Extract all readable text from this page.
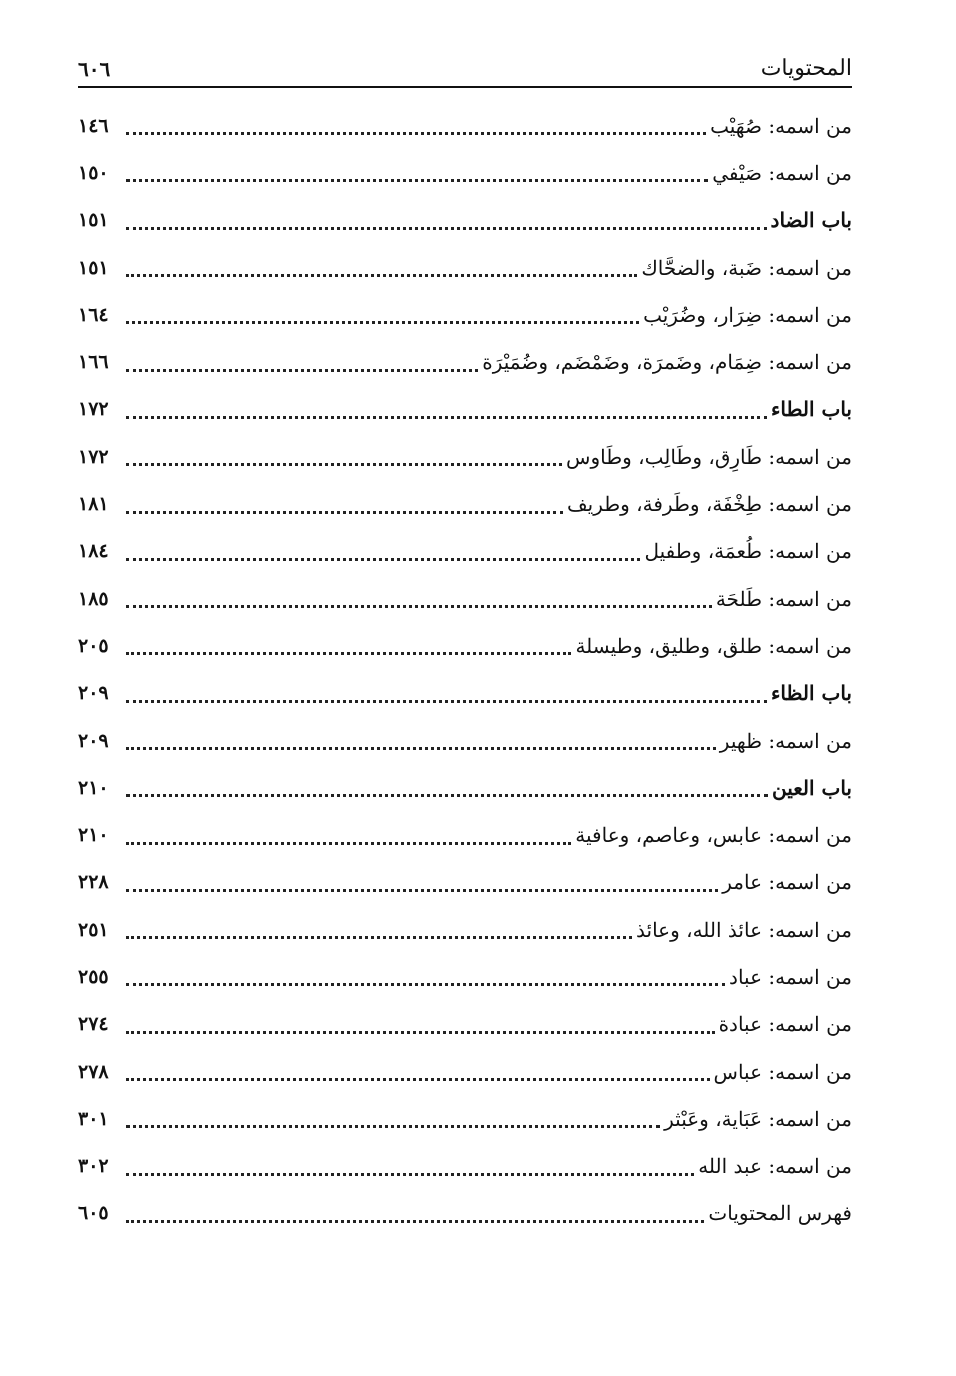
المحتويات
٦٠٦
من اسمه: صُهَيْب
١٤٦
من اسمه: صَيْفي
١٥٠
باب الضاد
١٥١
من اسمه: ضَبة، والضحَّاك
١٥١
من اسمه: ضِرَار، وضُرَيْب
١٦٤
من اسمه: ضِمَام، وضَمرَة، وضَمْضَم، وضُمَيْرَة
١٦٦
باب الطاء
١٧٢
من اسمه: طَارِق، وطَالِب، وطَاوس
١٧٢
من اسمه: طِخْفَة، وطَرفة، وطريف
١٨١
من اسمه: طُعمَة، وطفيل
١٨٤
من اسمه: طَلحَة
١٨٥
من اسمه: طلق، وطليق، وطيسلة
٢٠٥
باب الظاء
٢٠٩
من اسمه: ظهير
٢٠٩
باب العين
٢١٠
من اسمه: عابس، وعاصم، وعافية
٢١٠
من اسمه: عامر
٢٢٨
من اسمه: عائذ الله، وعائذ
٢٥١
من اسمه: عباد
٢٥٥
من اسمه: عبادة
٢٧٤
من اسمه: عباس
٢٧٨
من اسمه: عَبَاية، وعَبْثر
٣٠١
من اسمه: عبد الله
٣٠٢
فهرس المحتويات
٦٠٥
